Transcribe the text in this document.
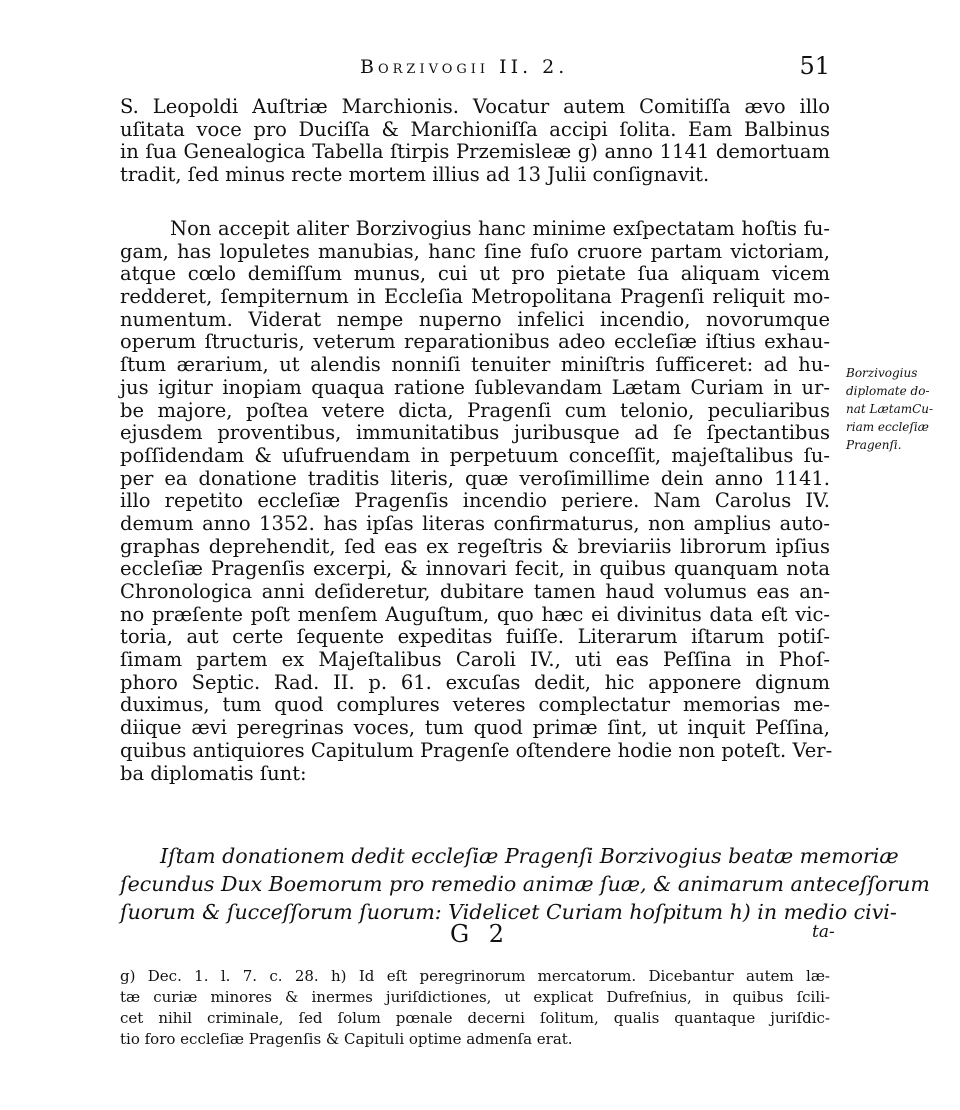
Borzivogii II. 2.	51
S. Leopoldi Auſtriæ Marchionis. Vocatur autem Comitiſſa ævo illo
uſitata voce pro Duciſſa & Marchioniſſa accipi ſolita. Eam Balbinus
in ſua Genealogica Tabella ſtirpis Przemisleæ g) anno 1141 demortuam
tradit, ſed minus recte mortem illius ad 13 Julii conſignavit.
Non accepit aliter Borzivogius hanc minime exſpectatam hoſtis fu-
gam, has lopuletes manubias, hanc ſine fuſo cruore partam victoriam,
atque cœlo demiſſum munus, cui ut pro pietate ſua aliquam vicem
redderet, ſempiternum in Eccleſia Metropolitana Pragenſi reliquit mo-
numentum. Viderat nempe nuperno infelici incendio, novorumque
operum ſtructuris, veterum reparationibus adeo eccleſiæ iſtius exhau-
ſtum ærarium, ut alendis nonniſi tenuiter miniſtris ſufficeret: ad hu-
jus igitur inopiam quaqua ratione ſublevandam Lætam Curiam in ur-
be majore, poſtea vetere dicta, Pragenſi cum telonio, peculiaribus
ejusdem proventibus, immunitatibus juribusque ad ſe ſpectantibus
poſſidendam & uſufruendam in perpetuum conceſſit, majeſtalibus ſu-
per ea donatione traditis literis, quæ veroſimillime dein anno 1141.
illo repetito eccleſiæ Pragenſis incendio periere. Nam Carolus IV.
demum anno 1352. has ipſas literas confirmaturus, non amplius auto-
graphas deprehendit, ſed eas ex regeſtris & breviariis librorum ipſius
eccleſiæ Pragenſis excerpi, & innovari fecit, in quibus quanquam nota
Chronologica anni deſideretur, dubitare tamen haud volumus eas an-
no præſente poſt menſem Auguſtum, quo hæc ei divinitus data eſt vic-
toria, aut certe ſequente expeditas fuiſſe. Literarum iſtarum potiſ-
ſimam partem ex Majeſtalibus Caroli IV., uti eas Peſſina in Phoſ-
phoro Septic. Rad. II. p. 61. excuſas dedit, hic apponere dignum
duximus, tum quod complures veteres complectatur memorias me-
diique ævi peregrinas voces, tum quod primæ ſint, ut inquit Peſſina,
quibus antiquiores Capitulum Pragenſe oſtendere hodie non poteſt. Ver-
ba diplomatis ſunt:
Iſtam donationem dedit eccleſiæ Pragenſi Borzivogius beatæ memoriæ
ſecundus Dux Boemorum pro remedio animæ ſuæ, & animarum anteceſſorum
ſuorum & ſucceſſorum ſuorum: Videlicet Curiam hoſpitum h) in medio civi-
G 2	ta-
Borzivogius
diplomate do-
nat LætamCu-
riam eccleſiæ
Pragenſi.
g) Dec. 1. l. 7. c. 28. h) Id eſt peregrinorum mercatorum. Dicebantur autem læ-
tæ curiæ minores & inermes juriſdictiones, ut explicat Dufreſnius, in quibus ſcili-
cet nihil criminale, ſed ſolum pœnale decerni ſolitum, qualis quantaque juriſdic-
tio foro eccleſiæ Pragenſis & Capituli optime admenſa erat.
